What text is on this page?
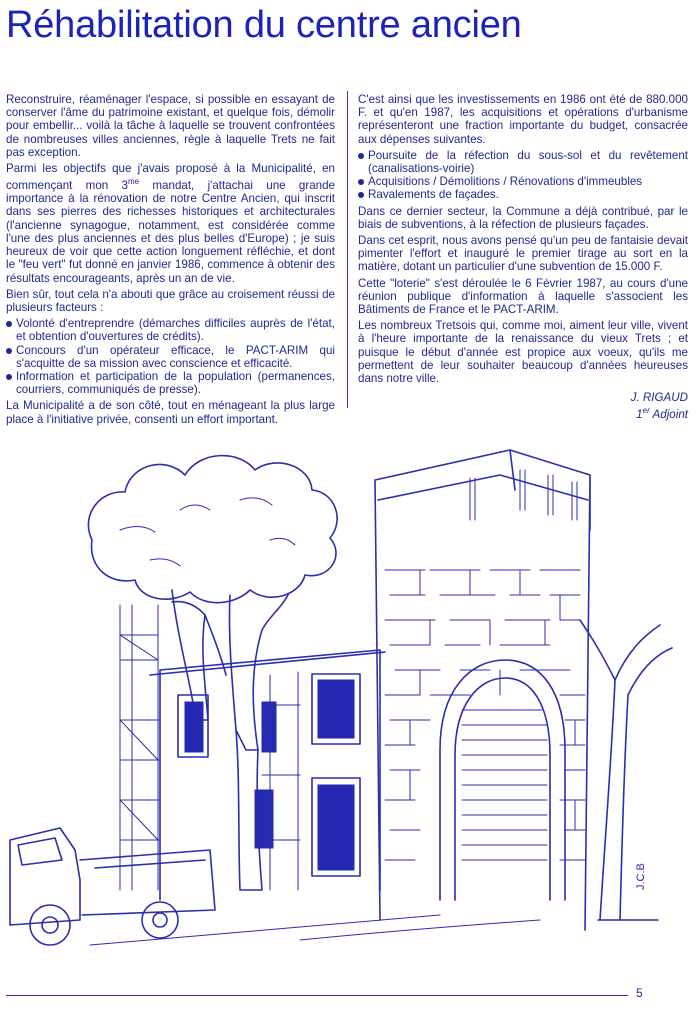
Réhabilitation du centre ancien

Reconstruire, réaménager l'espace, si possible en essayant de conserver l'âme du patrimoine existant, et quelque fois, démolir pour embellir... voilà la tâche à laquelle se trouvent confrontées de nombreuses villes anciennes, règle à laquelle Trets ne fait pas exception.

Parmi les objectifs que j'avais proposé à la Municipalité, en commençant mon $3^{me}$ mandat, j'attachai une grande importance à la rénovation de notre Centre Ancien, qui inscrit dans ses pierres des richesses historiques et architecturales (l'ancienne synagogue, notamment, est considérée comme l'une des plus anciennes et des plus belles d'Europe) ; je suis heureux de voir que cette action longuement réfléchie, et dont le "feu vert" fut donné en janvier 1986, commence à obtenir des résultats encourageants, après un an de vie.

Bien sûr, tout cela n'a abouti que grâce au croisement réussi de plusieurs facteurs :

Volonté d'entreprendre (démarches difficiles auprès de l'état, et obtention d'ouvertures de crédits).
Concours d'un opérateur efficace, le PACT-ARIM qui s'acquitte de sa mission avec conscience et efficacité.
Information et participation de la population (permanences, courriers, communiqués de presse).

La Municipalité a de son côté, tout en ménageant la plus large place à l'initiative privée, consenti un effort important.

C'est ainsi que les investissements en 1986 ont été de 880.000 F. et qu'en 1987, les acquisitions et opérations d'urbanisme représenteront une fraction importante du budget, consacrée aux dépenses suivantes.

Poursuite de la réfection du sous-sol et du revêtement (canalisations-voirie)
Acquisitions / Démolitions / Rénovations d'immeubles
Ravalements de façades.

Dans ce dernier secteur, la Commune a déjà contribué, par le biais de subventions, à la réfection de plusieurs façades.

Dans cet esprit, nous avons pensé qu'un peu de fantaisie devait pimenter l'effort et inauguré le premier tirage au sort en la matière, dotant un particulier d'une subvention de 15.000 F.

Cette "loterie" s'est déroulée le 6 Février 1987, au cours d'une réunion publique d'information à laquelle s'associent les Bâtiments de France et le PACT-ARIM.

Les nombreux Tretsois qui, comme moi, aiment leur ville, vivent à l'heure importante de la renaissance du vieux Trets ; et puisque le début d'année est propice aux voeux, qu'ils me permettent de leur souhaiter beaucoup d'années heureuses dans notre ville.

J. RIGAUD
1er Adjoint
J.C.B
5
